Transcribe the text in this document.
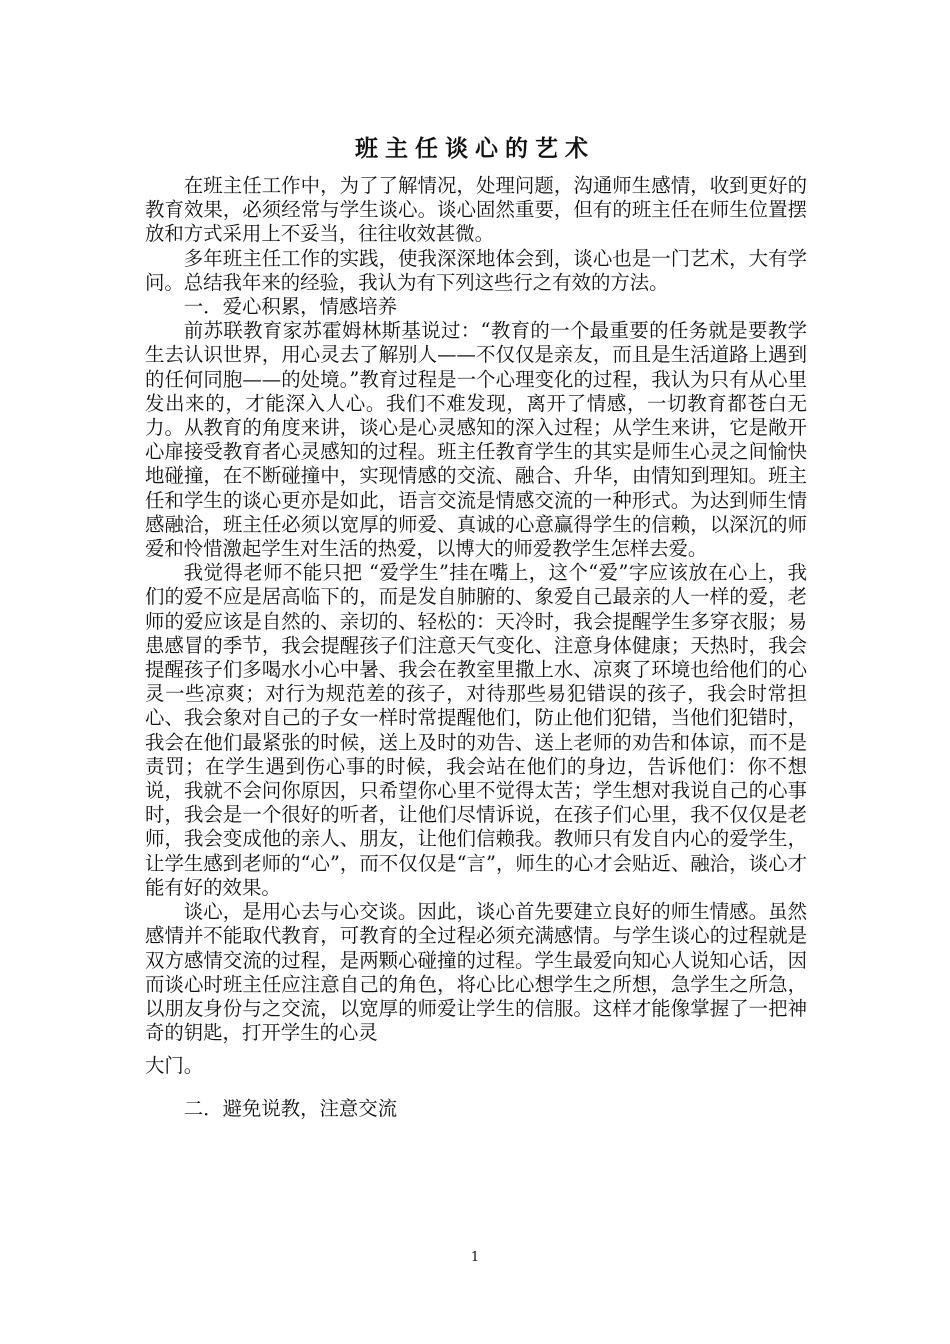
班主任谈心的艺术

在班主任工作中，为了了解情况，处理问题，沟通师生感情，收到更好的教育效果，必须经常与学生谈心。谈心固然重要，但有的班主任在师生位置摆放和方式采用上不妥当，往往收效甚微。

多年班主任工作的实践，使我深深地体会到，谈心也是一门艺术，大有学问。总结我年来的经验，我认为有下列这些行之有效的方法。

一．爱心积累，情感培养

前苏联教育家苏霍姆林斯基说过：“教育的一个最重要的任务就是要教学生去认识世界，用心灵去了解别人——不仅仅是亲友，而且是生活道路上遇到的任何同胞——的处境。”教育过程是一个心理变化的过程，我认为只有从心里发出来的，才能深入人心。我们不难发现，离开了情感，一切教育都苍白无力。从教育的角度来讲，谈心是心灵感知的深入过程；从学生来讲，它是敞开心扉接受教育者心灵感知的过程。班主任教育学生的其实是师生心灵之间愉快地碰撞，在不断碰撞中，实现情感的交流、融合、升华，由情知到理知。班主任和学生的谈心更亦是如此，语言交流是情感交流的一种形式。为达到师生情感融洽，班主任必须以宽厚的师爱、真诚的心意赢得学生的信赖，以深沉的师爱和怜惜激起学生对生活的热爱，以博大的师爱教学生怎样去爱。

我觉得老师不能只把 “爱学生”挂在嘴上，这个“爱”字应该放在心上，我们的爱不应是居高临下的，而是发自肺腑的、象爱自己最亲的人一样的爱，老师的爱应该是自然的、亲切的、轻松的：天冷时，我会提醒学生多穿衣服；易患感冒的季节，我会提醒孩子们注意天气变化、注意身体健康；天热时，我会提醒孩子们多喝水小心中暑、我会在教室里撒上水、凉爽了环境也给他们的心灵一些凉爽；对行为规范差的孩子，对待那些易犯错误的孩子，我会时常担心、我会象对自己的子女一样时常提醒他们，防止他们犯错，当他们犯错时，我会在他们最紧张的时候，送上及时的劝告、送上老师的劝告和体谅，而不是责罚；在学生遇到伤心事的时候，我会站在他们的身边，告诉他们：你不想说，我就不会问你原因，只希望你心里不觉得太苦；学生想对我说自己的心事时，我会是一个很好的听者，让他们尽情诉说，在孩子们心里，我不仅仅是老师，我会变成他的亲人、朋友，让他们信赖我。教师只有发自内心的爱学生，让学生感到老师的“心”，而不仅仅是“言”，师生的心才会贴近、融洽，谈心才能有好的效果。

谈心，是用心去与心交谈。因此，谈心首先要建立良好的师生情感。虽然感情并不能取代教育，可教育的全过程必须充满感情。与学生谈心的过程就是双方感情交流的过程，是两颗心碰撞的过程。学生最爱向知心人说知心话，因而谈心时班主任应注意自己的角色，将心比心想学生之所想，急学生之所急，以朋友身份与之交流，以宽厚的师爱让学生的信服。这样才能像掌握了一把神奇的钥匙，打开学生的心灵

大门。

二．避免说教，注意交流

1
